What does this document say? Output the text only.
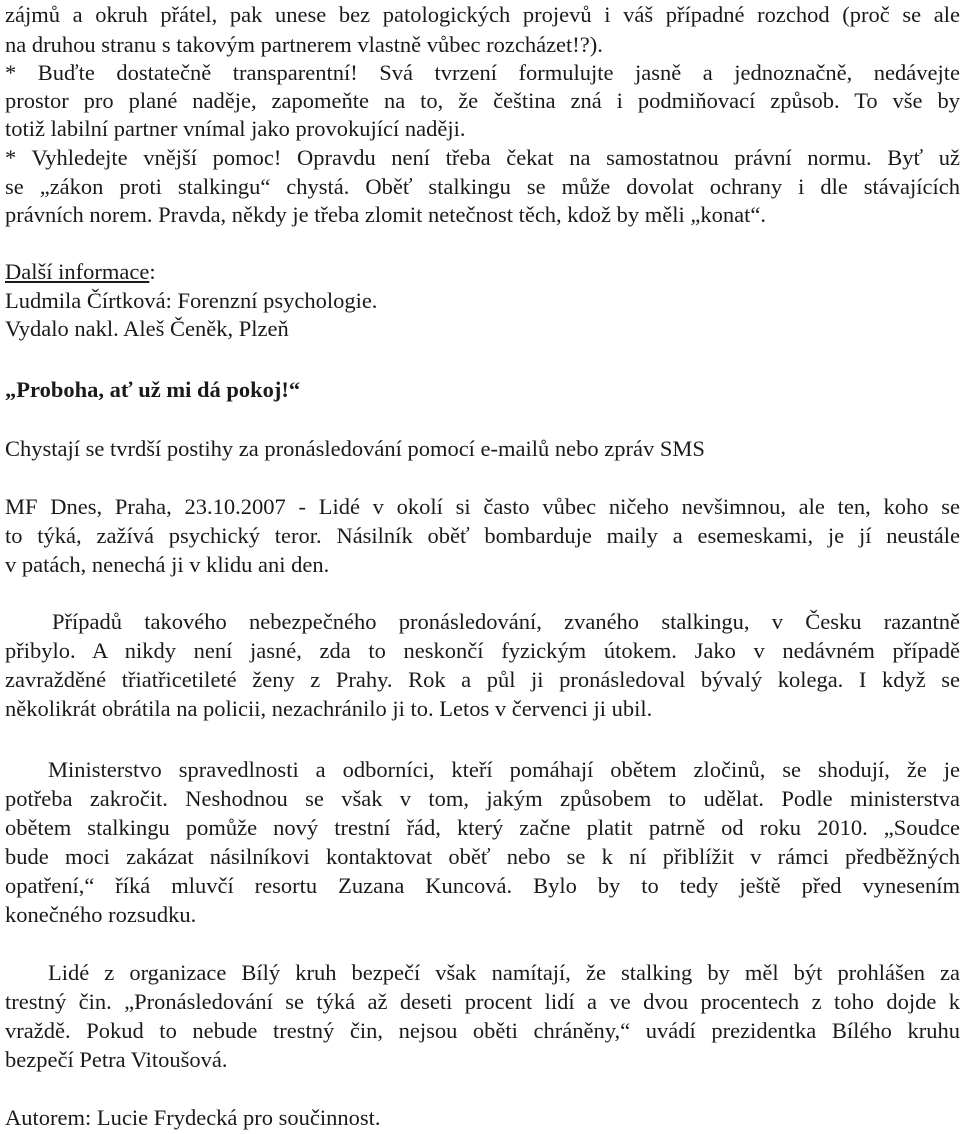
zájmů a okruh přátel, pak unese bez patologických projevů i váš případné rozchod (proč se ale
na druhou stranu s takovým partnerem vlastně vůbec rozcházet!?).
* Buďte dostatečně transparentní! Svá tvrzení formulujte jasně a jednoznačně, nedávejte
prostor pro plané naděje, zapomeňte na to, že čeština zná i podmiňovací způsob. To vše by
totiž labilní partner vnímal jako provokující naději.
* Vyhledejte vnější pomoc! Opravdu není třeba čekat na samostatnou právní normu. Byť už
se „zákon proti stalkingu“ chystá. Oběť stalkingu se může dovolat ochrany i dle stávajících
právních norem. Pravda, někdy je třeba zlomit netečnost těch, kdož by měli „konat“.
Další informace:
Ludmila Čírtková: Forenzní psychologie.
Vydalo nakl. Aleš Čeněk, Plzeň
„Proboha, ať už mi dá pokoj!“
Chystají se tvrdší postihy za pronásledování pomocí e-mailů nebo zpráv SMS
MF Dnes, Praha, 23.10.2007 - Lidé v okolí si často vůbec ničeho nevšimnou, ale ten, koho se
to týká, zažívá psychický teror. Násilník oběť bombarduje maily a esemeskami, je jí neustále
v patách, nenechá ji v klidu ani den.
Případů takového nebezpečného pronásledování, zvaného stalkingu, v Česku razantně
přibylo. A nikdy není jasné, zda to neskončí fyzickým útokem. Jako v nedávném případě
zavražděné třiatřicetileté ženy z Prahy. Rok a půl ji pronásledoval bývalý kolega. I když se
několikrát obrátila na policii, nezachránilo ji to. Letos v červenci ji ubil.
Ministerstvo spravedlnosti a odborníci, kteří pomáhají obětem zločinů, se shodují, že je
potřeba zakročit. Neshodnou se však v tom, jakým způsobem to udělat. Podle ministerstva
obětem stalkingu pomůže nový trestní řád, který začne platit patrně od roku 2010. „Soudce
bude moci zakázat násilníkovi kontaktovat oběť nebo se k ní přiblížit v rámci předběžných
opatření,“ říká mluvčí resortu Zuzana Kuncová. Bylo by to tedy ještě před vynesením
konečného rozsudku.
Lidé z organizace Bílý kruh bezpečí však namítají, že stalking by měl být prohlášen za
trestný čin. „Pronásledování se týká až deseti procent lidí a ve dvou procentech z toho dojde k
vraždě. Pokud to nebude trestný čin, nejsou oběti chráněny,“ uvádí prezidentka Bílého kruhu
bezpečí Petra Vitoušová.
Autorem: Lucie Frydecká pro součinnost.
